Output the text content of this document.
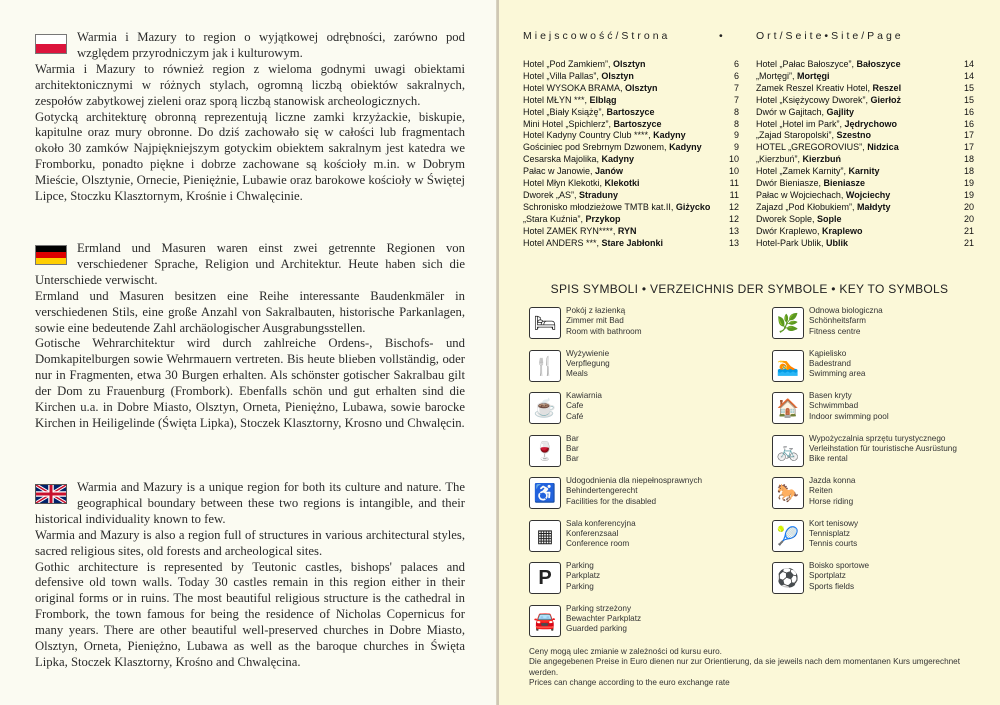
Warmia i Mazury to region o wyjątkowej odrębności, zarówno pod względem przyrodniczym jak i kulturowym.

Warmia i Mazury to również region z wieloma godnymi uwagi obiektami architektonicznymi w różnych stylach, ogromną liczbą obiektów sakralnych, zespołów zabytkowej zieleni oraz sporą liczbą stanowisk archeologicznych.

Gotycką architekturę obronną reprezentują liczne zamki krzyżackie, biskupie, kapitulne oraz mury obronne. Do dziś zachowało się w całości lub fragmentach około 30 zamków Najpiękniejszym gotyckim obiektem sakralnym jest katedra we Fromborku, ponadto piękne i dobrze zachowane są kościoły m.in. w Dobrym Mieście, Olsztynie, Ornecie, Pieniężnie, Lubawie oraz barokowe kościoły w Świętej Lipce, Stoczku Klasztornym, Krośnie i Chwalęcinie.

Ermland und Masuren waren einst zwei getrennte Regionen von verschiedener Sprache, Religion und Architektur. Heute haben sich die Unterschiede verwischt.

Ermland und Masuren besitzen eine Reihe interessante Baudenkmäler in verschiedenen Stils, eine große Anzahl von Sakralbauten, historische Parkanlagen, sowie eine bedeutende Zahl archäologischer Ausgrabungsstellen.

Gotische Wehrarchitektur wird durch zahlreiche Ordens-, Bischofs- und Domkapitelburgen sowie Wehrmauern vertreten. Bis heute blieben vollständig, oder nur in Fragmenten, etwa 30 Burgen erhalten. Als schönster gotischer Sakralbau gilt der Dom zu Frauenburg (Frombork). Ebenfalls schön und gut erhalten sind die Kirchen u.a. in Dobre Miasto, Olsztyn, Orneta, Pieniężno, Lubawa, sowie barocke Kirchen in Heiligelinde (Święta Lipka), Stoczek Klasztorny, Krosno und Chwalęcin.

Warmia and Mazury is a unique region for both its culture and nature. The geographical boundary between these two regions is intangible, and their historical individuality known to few.

Warmia and Mazury is also a region full of structures in various architectural styles, sacred religious sites, old forests and archeological sites.

Gothic architecture is represented by Teutonic castles, bishops' palaces and defensive old town walls. Today 30 castles remain in this region either in their original forms or in ruins. The most beautiful religious structure is the cathedral in Frombork, the town famous for being the residence of Nicholas Copernicus for many years. There are other beautiful well-preserved churches in Dobre Miasto, Olsztyn, Orneta, Pieniężno, Lubawa as well as the baroque churches in Święta Lipka, Stoczek Klasztorny, Krośno and Chwalęcina.

Miejscowość/Strona	•	Ort/Seite•Site/Page
Hotel „Pod Zamkiem”, Olsztyn	6
Hotel „Villa Pallas”, Olsztyn	6
Hotel WYSOKA BRAMA, Olsztyn	7
Hotel MŁYN ***, Elbląg	7
Hotel „Biały Książę”, Bartoszyce	8
Mini Hotel „Spichlerz”, Bartoszyce	8
Hotel Kadyny Country Club ****, Kadyny	9
Gościniec pod Srebrnym Dzwonem, Kadyny	9
Cesarska Majolika, Kadyny	10
Pałac w Janowie, Janów	10
Hotel Młyn Klekotki, Klekotki	11
Dworek „AS”, Straduny	11
Schronisko młodzieżowe TMTB kat.II, Giżycko 12
„Stara Kuźnia”, Przykop	12
Hotel ZAMEK RYN****, RYN	13
Hotel ANDERS ***, Stare Jabłonki	13
Hotel „Pałac Bałoszyce”, Bałoszyce	14
„Mortęgi”, Mortęgi	14
Zamek Reszel Kreativ Hotel, Reszel	15
Hotel „Księżycowy Dworek”, Gierłoż	15
Dwór w Gajitach, Gajlity	16
Hotel „Hotel im Park”, Jędrychowo	16
„Zajad Staropolski”, Szestno	17
HOTEL „GREGOROVIUS”, Nidzica	17
„Kierzbuń”, Kierzbuń	18
Hotel „Zamek Karnity”, Karnity	18
Dwór Bieniasze, Bieniasze	19
Pałac w Wojciechach, Wojciechy	19
Zajazd „Pod Kłobukiem”, Małdyty	20
Dworek Sople, Sople	20
Dwór Kraplewo, Kraplewo	21
Hotel-Park Ublik, Ublik	21
SPIS SYMBOLI • VERZEICHNIS DER SYMBOLE • KEY TO SYMBOLS
🛏
Pokój z łazienką
Zimmer mit Bad
Room with bathroom
🍴
Wyżywienie
Verpflegung
Meals
☕
Kawiarnia
Cafe
Café
🍷
Bar
Bar
Bar
♿
Udogodnienia dla niepełnosprawnych
Behindertengerecht
Facilities for the disabled
▦
Sala konferencyjna
Konferenzsaal
Conference room
P
Parking
Parkplatz
Parking
🚘
Parking strzeżony
Bewachter Parkplatz
Guarded parking
🌿
Odnowa biologiczna
Schönheitsfarm
Fitness centre
🏊
Kąpielisko
Badestrand
Swimming area
🏠
Basen kryty
Schwimmbad
Indoor swimming pool
🚲
Wypożyczalnia sprzętu turystycznego
Verleihstation für touristische Ausrüstung
Bike rental
🐎
Jazda konna
Reiten
Horse riding
🎾
Kort tenisowy
Tennisplatz
Tennis courts
⚽
Boisko sportowe
Sportplatz
Sports fields

Ceny mogą ulec zmianie w zależności od kursu euro.

Die angegebenen Preise in Euro dienen nur zur Orientierung, da sie jeweils nach dem momentanen Kurs umgerechnet werden.

Prices can change according to the euro exchange rate
